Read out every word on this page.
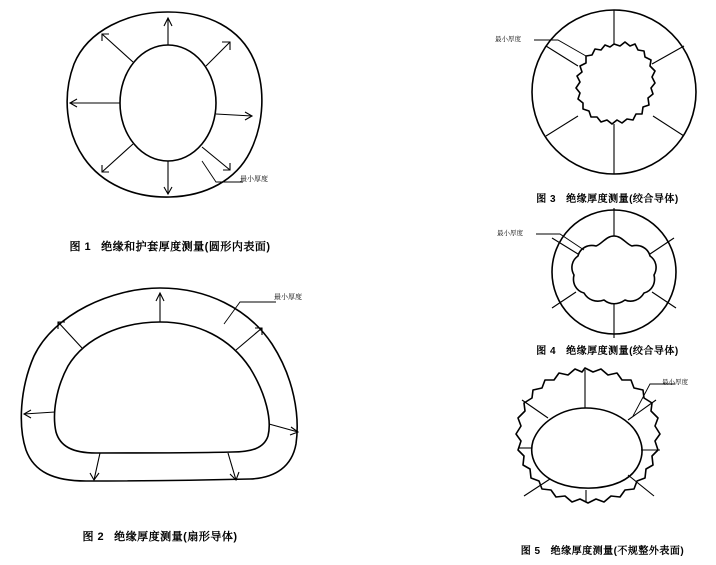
最小厚度
图 1 绝缘和护套厚度测量(圆形内表面)
最小厚度
图 2 绝缘厚度测量(扇形导体)
最小厚度
图 3 绝缘厚度测量(绞合导体)
最小厚度
图 4 绝缘厚度测量(绞合导体)
最小厚度
图 5 绝缘厚度测量(不规整外表面)
